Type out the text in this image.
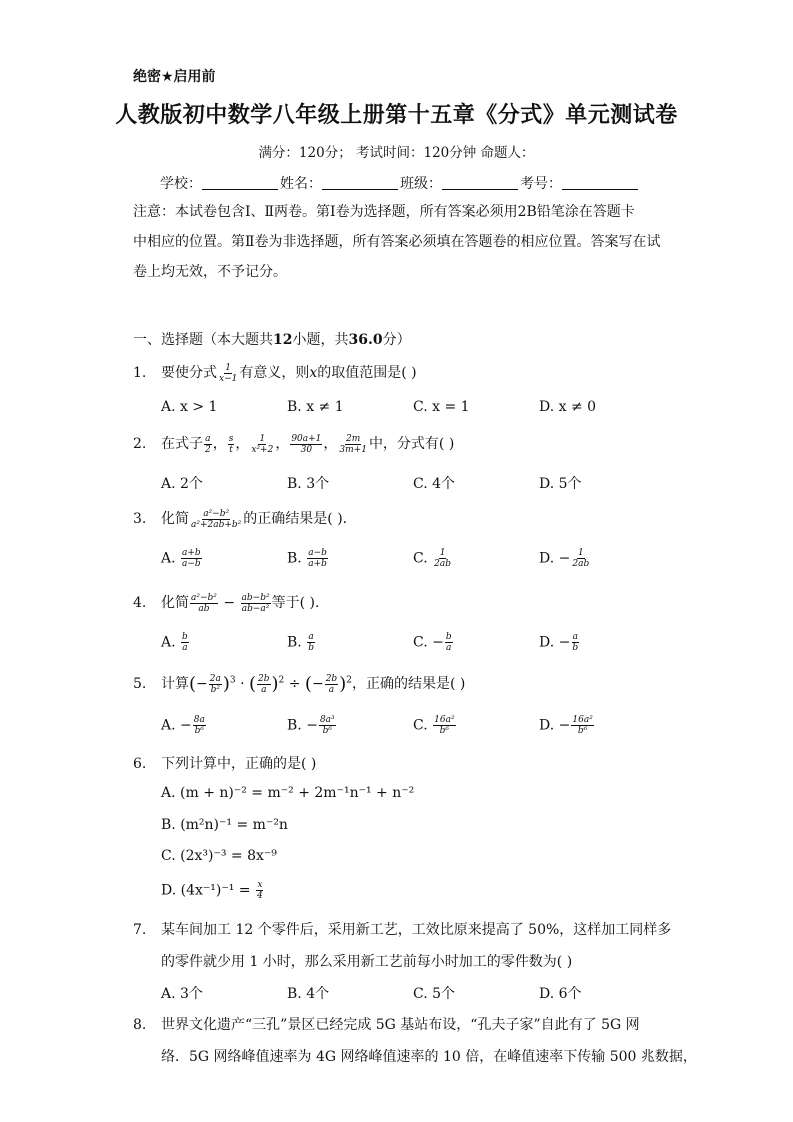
绝密★启用前
人教版初中数学八年级上册第十五章《分式》单元测试卷
满分：120分； 考试时间：120分钟 命题人：
学校：	姓名：	班级：	考号：
注意：本试卷包含Ⅰ、Ⅱ两卷。第Ⅰ卷为选择题，所有答案必须用2B铅笔涂在答题卡
中相应的位置。第Ⅱ卷为非选择题，所有答案必须填在答题卷的相应位置。答案写在试
卷上均无效，不予记分。
一、选择题（本大题共12小题，共36.0分）
1. 要使分式 $\frac{1}{x-1}$ 有意义，则x的取值范围是( )
A. x > 1	B. x ≠ 1	C. x = 1	D. x ≠ 0
2. 在式子 $\frac{a}{2}$ ， $\frac{s}{t}$ ， $\frac{1}{\text{x²+2}}$ ， $\frac{90a+1}{30}$ ， $\frac{2m}{3m+1}$ 中，分式有( )
A. 2个	B. 3个	C. 4个	D. 5个
3. 化简 $\frac{\text{a²−b²}}{\text{a²+2ab+b²}}$ 的正确结果是( ).
A. $\frac{a+b}{a-b}$	B. $\frac{a-b}{a+b}$	C. $\frac{1}{2ab}$	D. − $\frac{1}{2ab}$
4. 化简 $\frac{\text{a²−b²}}{ab} - \frac{\text{ab−b²}}{\text{ab−a²}}$ 等于( ).
A. $\frac{b}{a}$	B. $\frac{a}{b}$	C. − $\frac{b}{a}$	D. − $\frac{a}{b}$
5. 计算(− $\frac{2a}{\text{b²}} )^3$ · ( $\frac{2b}{a} )^2$ ÷ (− $\frac{2b}{a} )^2$，正确的结果是( )
A. − $\frac{8a}{\text{b⁶}}$	B. − $\frac{\text{8a³}}{\text{b⁶}}$	C. $\frac{\text{16a²}}{\text{b⁶}}$	D. − $\frac{\text{16a²}}{\text{b⁶}}$
6. 下列计算中，正确的是( )
A. (m + n)⁻² = m⁻² + 2m⁻¹n⁻¹ + n⁻²
B. (m²n)⁻¹ = m⁻²n
C. (2x³)⁻³ = 8x⁻⁹
D. $(4x^{-1})^{-1} = \frac{x}{4}$
7. 某车间加工 12 个零件后，采用新工艺，工效比原来提高了 50%，这样加工同样多
的零件就少用 1 小时，那么采用新工艺前每小时加工的零件数为( )
A. 3个	B. 4个	C. 5个	D. 6个
8. 世界文化遗产“三孔”景区已经完成 5G 基站布设，“孔夫子家”自此有了 5G 网
络．5G 网络峰值速率为 4G 网络峰值速率的 10 倍，在峰值速率下传输 500 兆数据，
